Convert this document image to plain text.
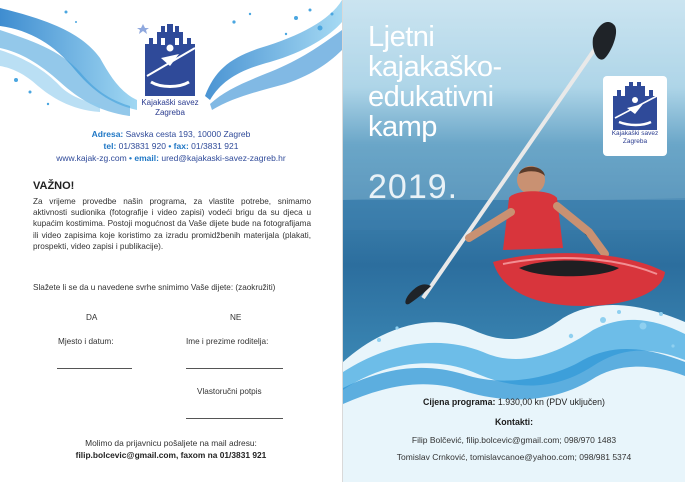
Kajakaški savez
Zagreba
Adresa: Savska cesta 193, 10000 Zagreb
tel: 01/3831 920 • fax: 01/3831 921
www.kajak-zg.com • email: ured@kajakaski-savez-zagreb.hr
VAŽNO!
Za vrijeme provedbe našin programa, za vlastite potrebe, snimamo aktivnosti sudionika (fotografije i video zapisi) vodeći brigu da su djeca u kupaćim kostimima. Postoji mogućnost da Vaše dijete bude na fotografijama ili video zapisima koje koristimo za izradu promidžbenih materijala (plakati, prospekti, video zapisi i publikacije).
Slažete li se da u navedene svrhe snimimo Vaše dijete: (zaokružiti)
DA	NE
Mjesto i datum:	Ime i prezime roditelja:
Vlastoručni potpis
Molimo da prijavnicu pošaljete na mail adresu:
filip.bolcevic@gmail.com, faxom na 01/3831 921
Ljetni
kajakaško-
edukativni
kamp
2019.
Kajakaški savez
Zagreba
Cijena programa: 1.930,00 kn (PDV uključen)
Kontakti:
Filip Bolčević, filip.bolcevic@gmail.com; 098/970 1483
Tomislav Crnković, tomislavcanoe@yahoo.com; 098/981 5374
